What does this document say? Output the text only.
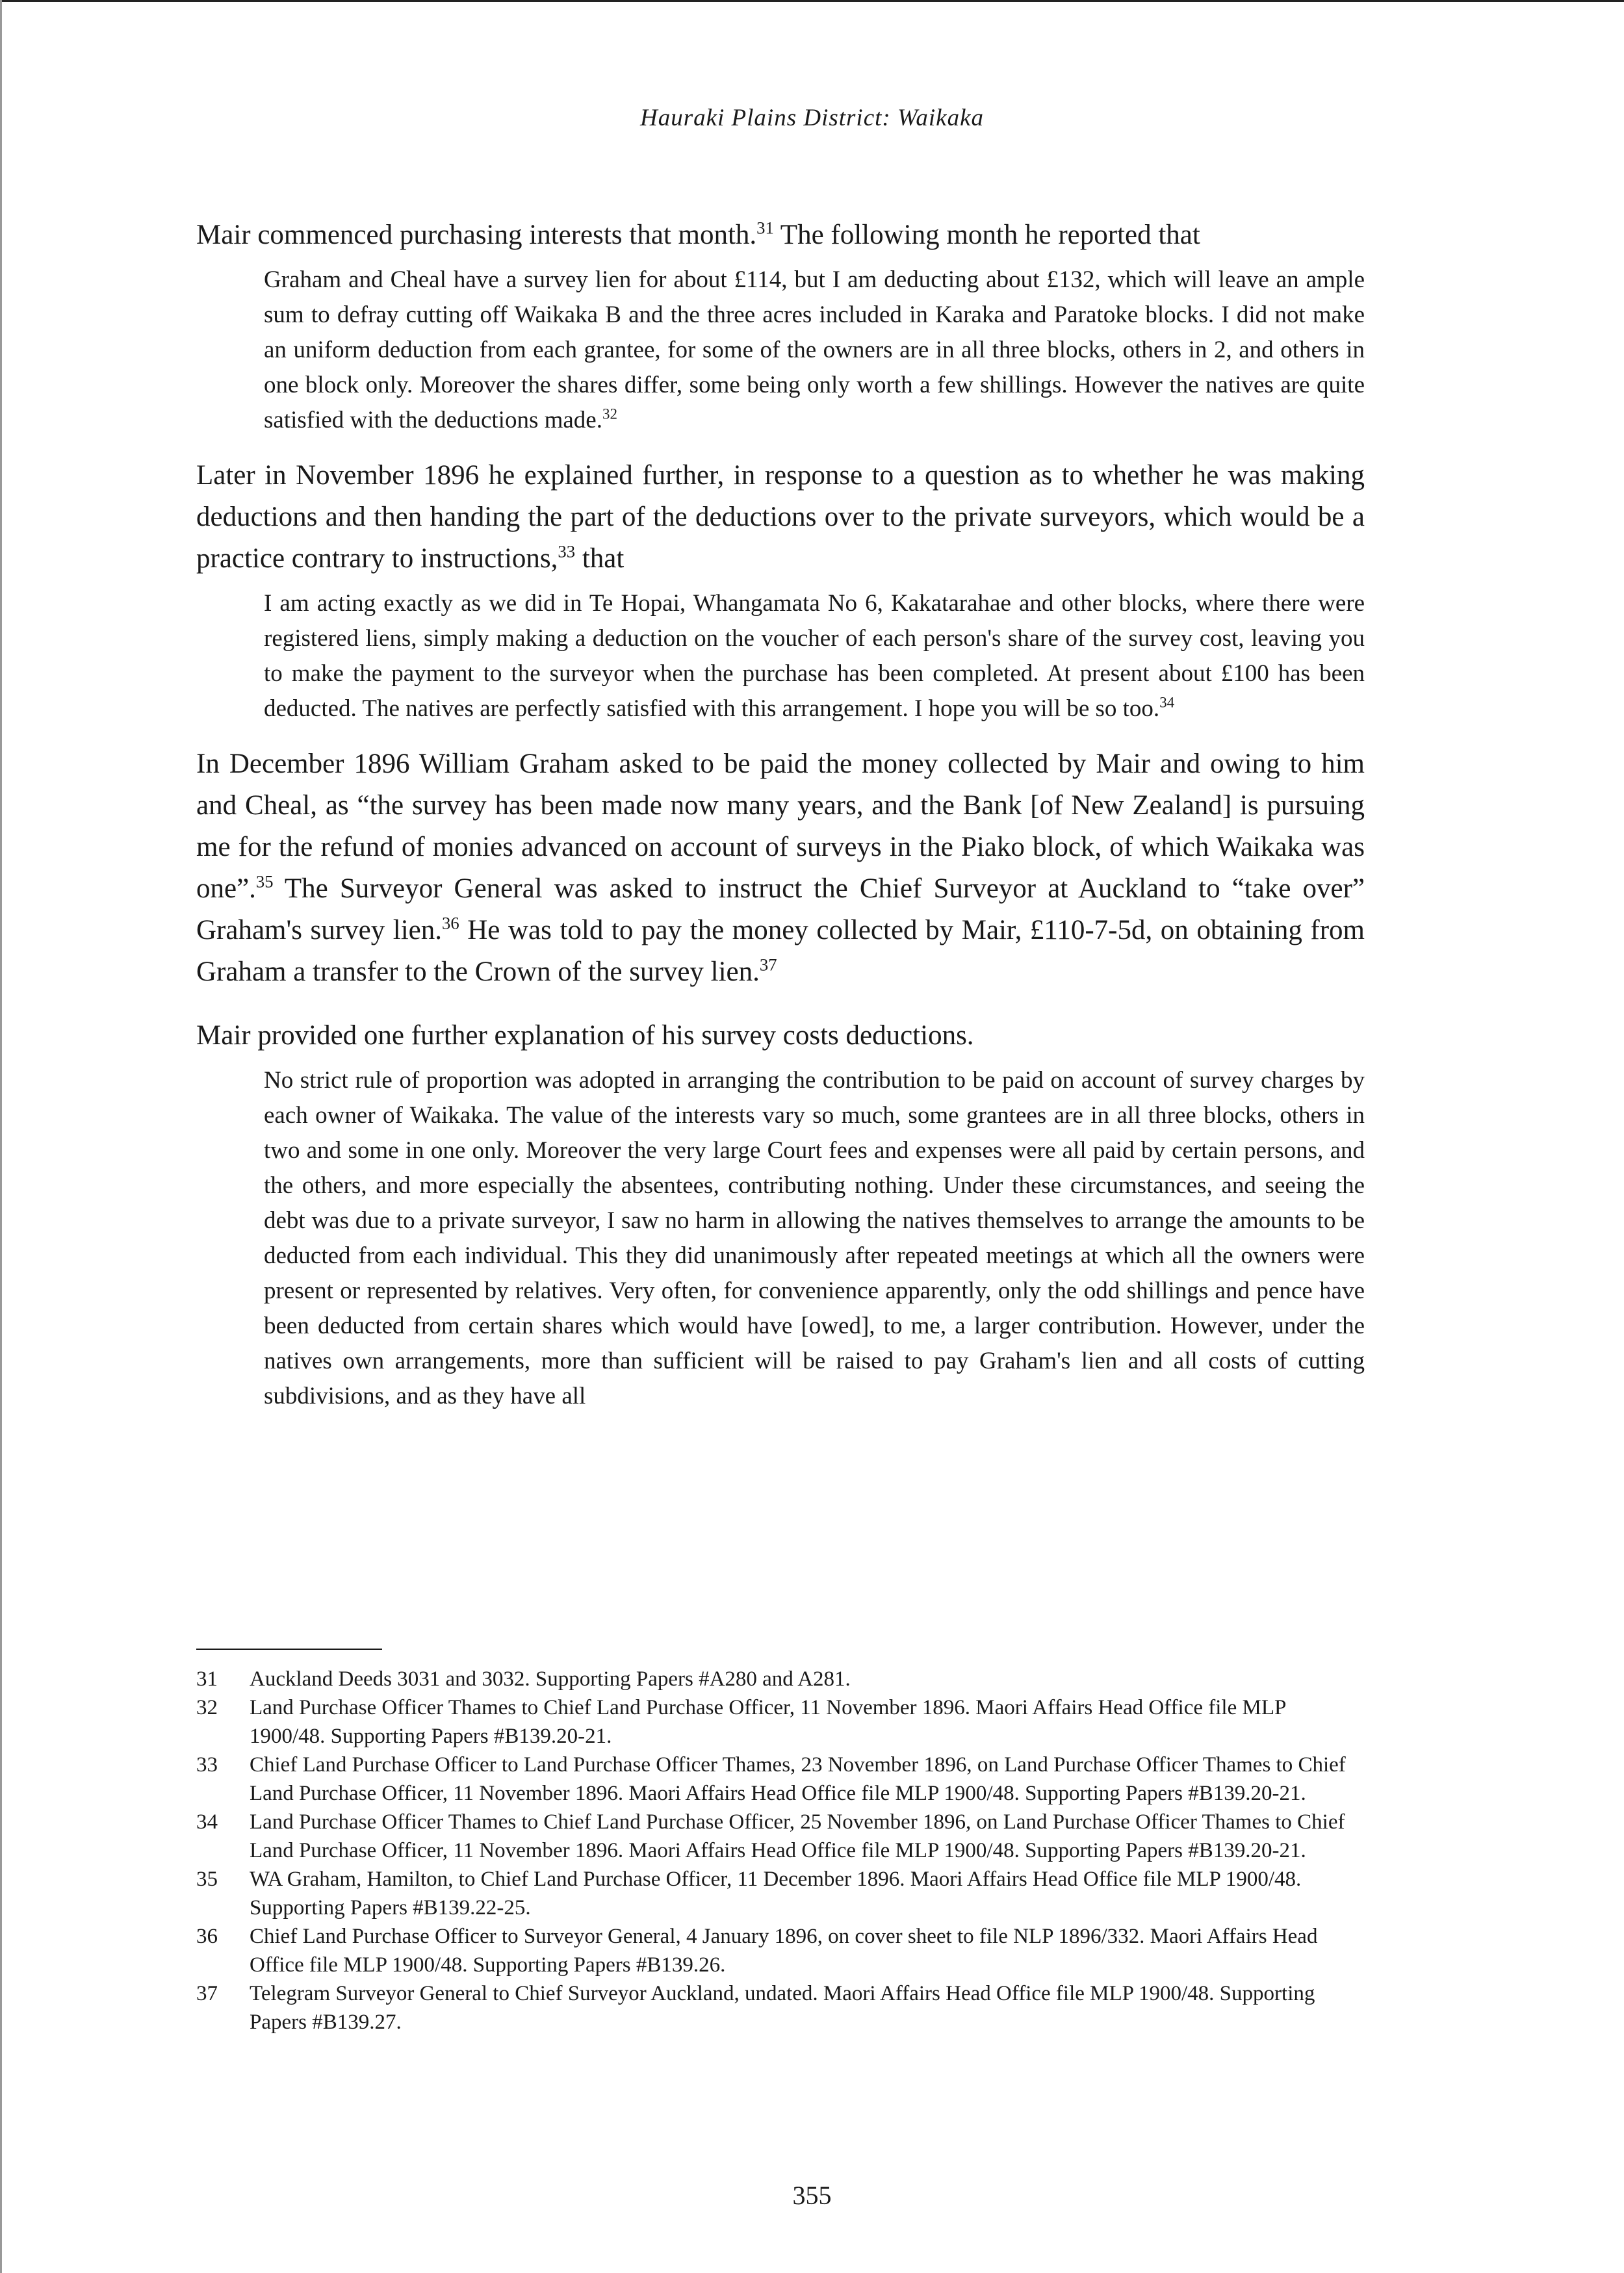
Hauraki Plains District: Waikaka

Mair commenced purchasing interests that month.$^{31}$ The following month he reported that

Graham and Cheal have a survey lien for about £114, but I am deducting about £132, which will leave an ample sum to defray cutting off Waikaka B and the three acres included in Karaka and Paratoke blocks. I did not make an uniform deduction from each grantee, for some of the owners are in all three blocks, others in 2, and others in one block only. Moreover the shares differ, some being only worth a few shillings. However the natives are quite satisfied with the deductions made.$^{32}$

Later in November 1896 he explained further, in response to a question as to whether he was making deductions and then handing the part of the deductions over to the private surveyors, which would be a practice contrary to instructions,$^{33}$ that

I am acting exactly as we did in Te Hopai, Whangamata No 6, Kakatarahae and other blocks, where there were registered liens, simply making a deduction on the voucher of each person's share of the survey cost, leaving you to make the payment to the surveyor when the purchase has been completed. At present about £100 has been deducted. The natives are perfectly satisfied with this arrangement. I hope you will be so too.$^{34}$

In December 1896 William Graham asked to be paid the money collected by Mair and owing to him and Cheal, as “the survey has been made now many years, and the Bank [of New Zealand] is pursuing me for the refund of monies advanced on account of surveys in the Piako block, of which Waikaka was one”.$^{35}$ The Surveyor General was asked to instruct the Chief Surveyor at Auckland to “take over” Graham's survey lien.$^{36}$ He was told to pay the money collected by Mair, £110-7-5d, on obtaining from Graham a transfer to the Crown of the survey lien.$^{37}$

Mair provided one further explanation of his survey costs deductions.

No strict rule of proportion was adopted in arranging the contribution to be paid on account of survey charges by each owner of Waikaka. The value of the interests vary so much, some grantees are in all three blocks, others in two and some in one only. Moreover the very large Court fees and expenses were all paid by certain persons, and the others, and more especially the absentees, contributing nothing. Under these circumstances, and seeing the debt was due to a private surveyor, I saw no harm in allowing the natives themselves to arrange the amounts to be deducted from each individual. This they did unanimously after repeated meetings at which all the owners were present or represented by relatives. Very often, for convenience apparently, only the odd shillings and pence have been deducted from certain shares which would have [owed], to me, a larger contribution. However, under the natives own arrangements, more than sufficient will be raised to pay Graham's lien and all costs of cutting subdivisions, and as they have all

31	Auckland Deeds 3031 and 3032. Supporting Papers #A280 and A281.
32	Land Purchase Officer Thames to Chief Land Purchase Officer, 11 November 1896. Maori Affairs Head Office file MLP 1900/48. Supporting Papers #B139.20-21.
33	Chief Land Purchase Officer to Land Purchase Officer Thames, 23 November 1896, on Land Purchase Officer Thames to Chief Land Purchase Officer, 11 November 1896. Maori Affairs Head Office file MLP 1900/48. Supporting Papers #B139.20-21.
34	Land Purchase Officer Thames to Chief Land Purchase Officer, 25 November 1896, on Land Purchase Officer Thames to Chief Land Purchase Officer, 11 November 1896. Maori Affairs Head Office file MLP 1900/48. Supporting Papers #B139.20-21.
35	WA Graham, Hamilton, to Chief Land Purchase Officer, 11 December 1896. Maori Affairs Head Office file MLP 1900/48. Supporting Papers #B139.22-25.
36	Chief Land Purchase Officer to Surveyor General, 4 January 1896, on cover sheet to file NLP 1896/332. Maori Affairs Head Office file MLP 1900/48. Supporting Papers #B139.26.
37	Telegram Surveyor General to Chief Surveyor Auckland, undated. Maori Affairs Head Office file MLP 1900/48. Supporting Papers #B139.27.
355
